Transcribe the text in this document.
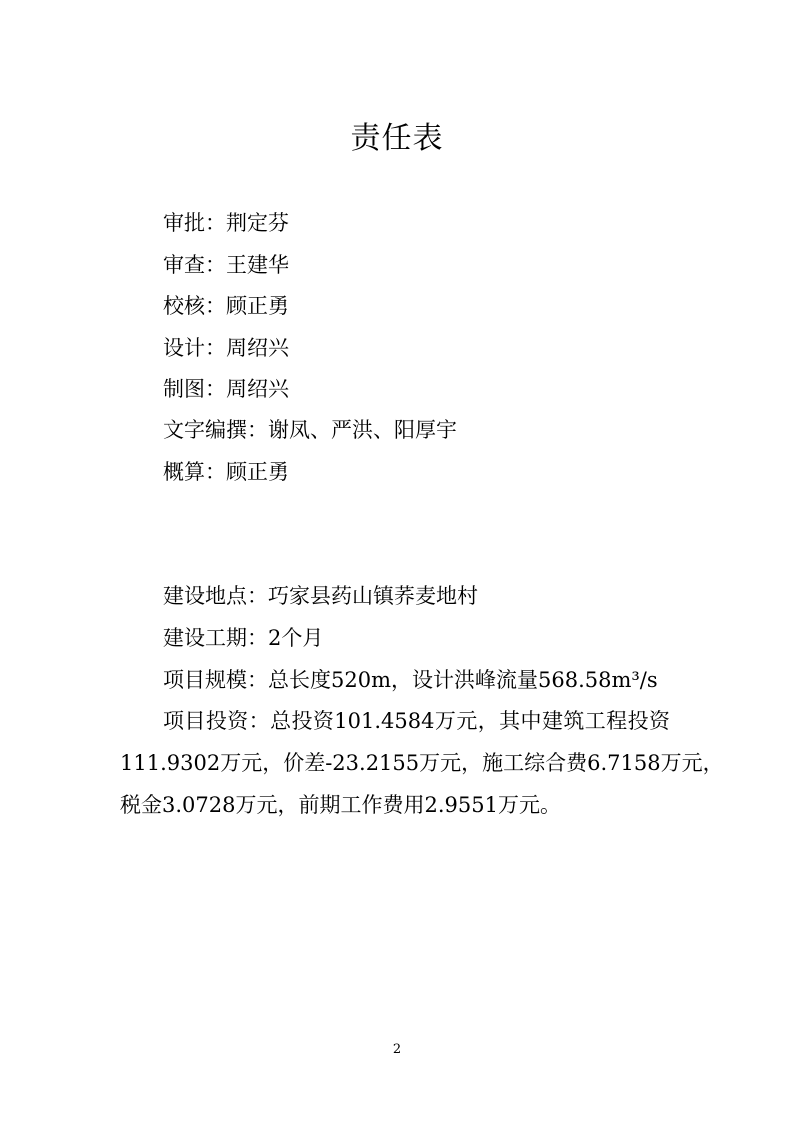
责任表
审批：荆定芬
审查：王建华
校核：顾正勇
设计：周绍兴
制图：周绍兴
文字编撰：谢凤、严洪、阳厚宇
概算：顾正勇
建设地点：巧家县药山镇荞麦地村
建设工期：2个月
项目规模：总长度520m，设计洪峰流量568.58m³/s
项目投资：总投资101.4584万元，其中建筑工程投资
111.9302万元，价差-23.2155万元，施工综合费6.7158万元，
税金3.0728万元，前期工作费用2.9551万元。
2
